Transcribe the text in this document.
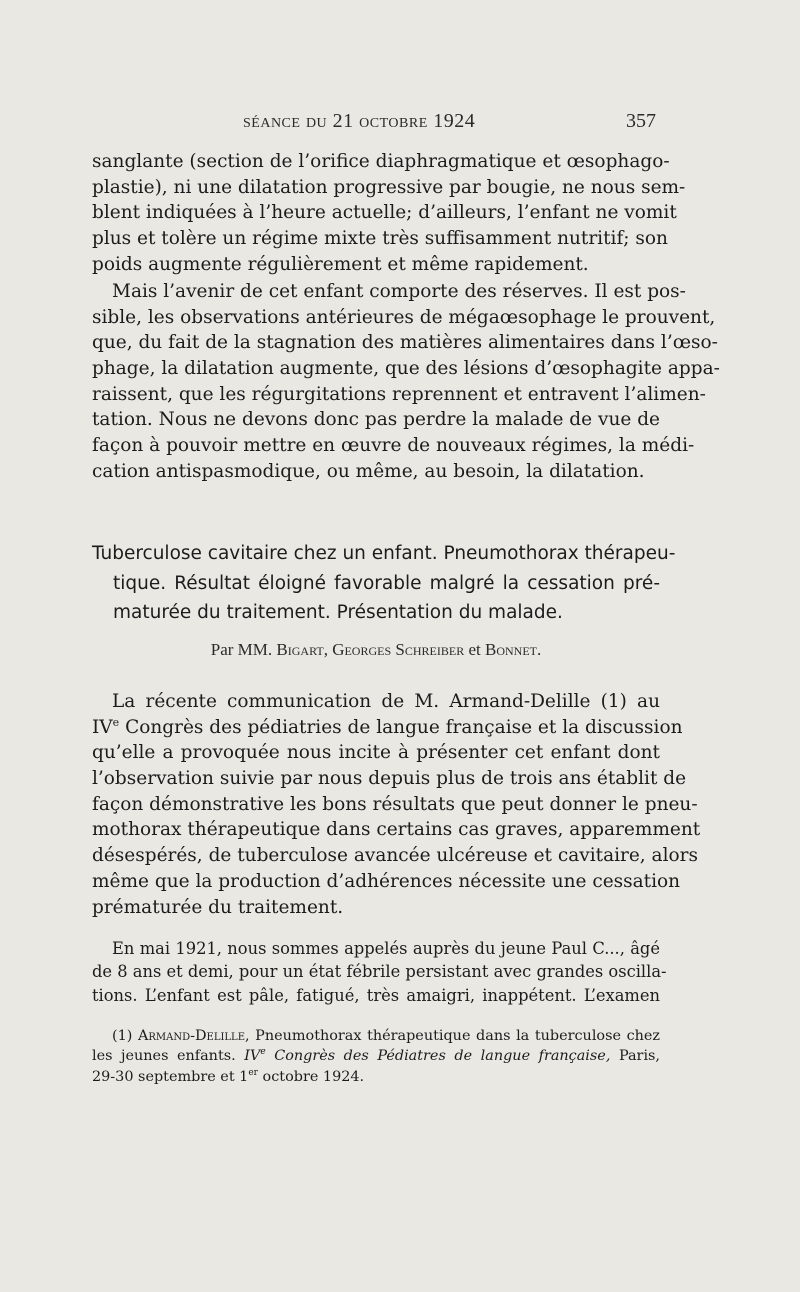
séance du 21 octobre 1924	357
sanglante (section de l’orifice diaphragmatique et œsophago-
plastie), ni une dilatation progressive par bougie, ne nous sem-
blent indiquées à l’heure actuelle; d’ailleurs, l’enfant ne vomit
plus et tolère un régime mixte très suffisamment nutritif; son
poids augmente régulièrement et même rapidement.
Mais l’avenir de cet enfant comporte des réserves. Il est pos-
sible, les observations antérieures de mégaœsophage le prouvent,
que, du fait de la stagnation des matières alimentaires dans l’œso-
phage, la dilatation augmente, que des lésions d’œsophagite appa-
raissent, que les régurgitations reprennent et entravent l’alimen-
tation. Nous ne devons donc pas perdre la malade de vue de
façon à pouvoir mettre en œuvre de nouveaux régimes, la médi-
cation antispasmodique, ou même, au besoin, la dilatation.
Tuberculose cavitaire chez un enfant. Pneumothorax thérapeu-
tique. Résultat éloigné favorable malgré la cessation pré-
maturée du traitement. Présentation du malade.
Par MM. Bigart, Georges Schreiber et Bonnet.
La récente communication de M. Armand-Delille (1) au
IVe Congrès des pédiatries de langue française et la discussion
qu’elle a provoquée nous incite à présenter cet enfant dont
l’observation suivie par nous depuis plus de trois ans établit de
façon démonstrative les bons résultats que peut donner le pneu-
mothorax thérapeutique dans certains cas graves, apparemment
désespérés, de tuberculose avancée ulcéreuse et cavitaire, alors
même que la production d’adhérences nécessite une cessation
prématurée du traitement.
En mai 1921, nous sommes appelés auprès du jeune Paul C..., âgé
de 8 ans et demi, pour un état fébrile persistant avec grandes oscilla-
tions. L’enfant est pâle, fatigué, très amaigri, inappétent. L’examen
(1) Armand-Delille, Pneumothorax thérapeutique dans la tuberculose chez
les jeunes enfants. IVe Congrès des Pédiatres de langue française, Paris,
29-30 septembre et 1er octobre 1924.
